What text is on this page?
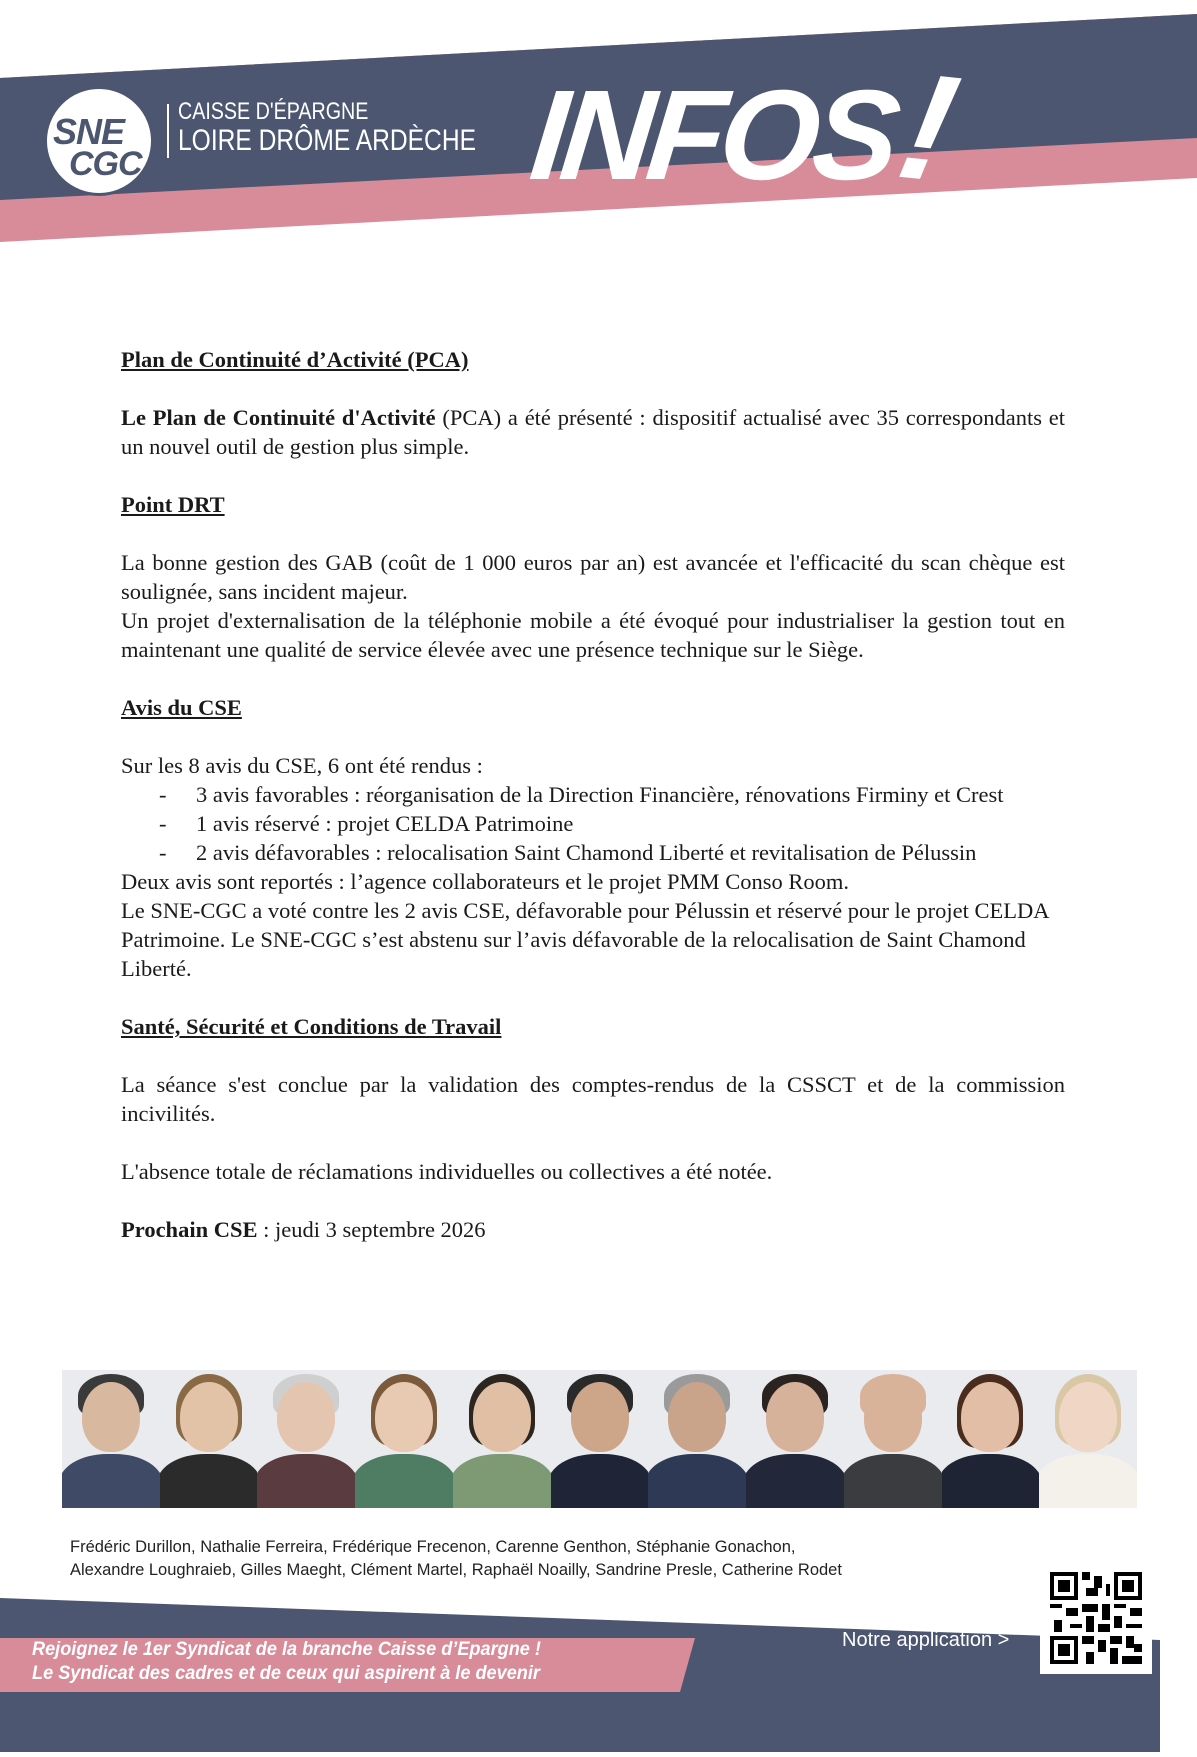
SNE
CGC
CAISSE D'ÉPARGNE
LOIRE DRÔME ARDÈCHE INFOS!

Plan de Continuité d’Activité (PCA)

Le Plan de Continuité d'Activité (PCA) a été présenté : dispositif actualisé avec 35 correspondants et un nouvel outil de gestion plus simple.

Point DRT

La bonne gestion des GAB (coût de 1 000 euros par an) est avancée et l'efficacité du scan chèque est soulignée, sans incident majeur.

Un projet d'externalisation de la téléphonie mobile a été évoqué pour industrialiser la gestion tout en maintenant une qualité de service élevée avec une présence technique sur le Siège.

Avis du CSE

Sur les 8 avis du CSE, 6 ont été rendus :

- 3 avis favorables : réorganisation de la Direction Financière, rénovations Firminy et Crest
- 1 avis réservé : projet CELDA Patrimoine
- 2 avis défavorables : relocalisation Saint Chamond Liberté et revitalisation de Pélussin

Deux avis sont reportés : l’agence collaborateurs et le projet PMM Conso Room.

Le SNE-CGC a voté contre les 2 avis CSE, défavorable pour Pélussin et réservé pour le projet CELDA Patrimoine. Le SNE-CGC s’est abstenu sur l’avis défavorable de la relocalisation de Saint Chamond Liberté.

Santé, Sécurité et Conditions de Travail

La séance s'est conclue par la validation des comptes-rendus de la CSSCT et de la commission incivilités.

L'absence totale de réclamations individuelles ou collectives a été notée.

Prochain CSE : jeudi 3 septembre 2026

Frédéric Durillon, Nathalie Ferreira, Frédérique Frecenon, Carenne Genthon, Stéphanie Gonachon,
Alexandre Loughraieb, Gilles Maeght, Clément Martel, Raphaël Noailly, Sandrine Presle, Catherine Rodet
Rejoignez le 1er Syndicat de la branche Caisse d’Epargne !
Le Syndicat des cadres et de ceux qui aspirent à le devenir
Notre application >
